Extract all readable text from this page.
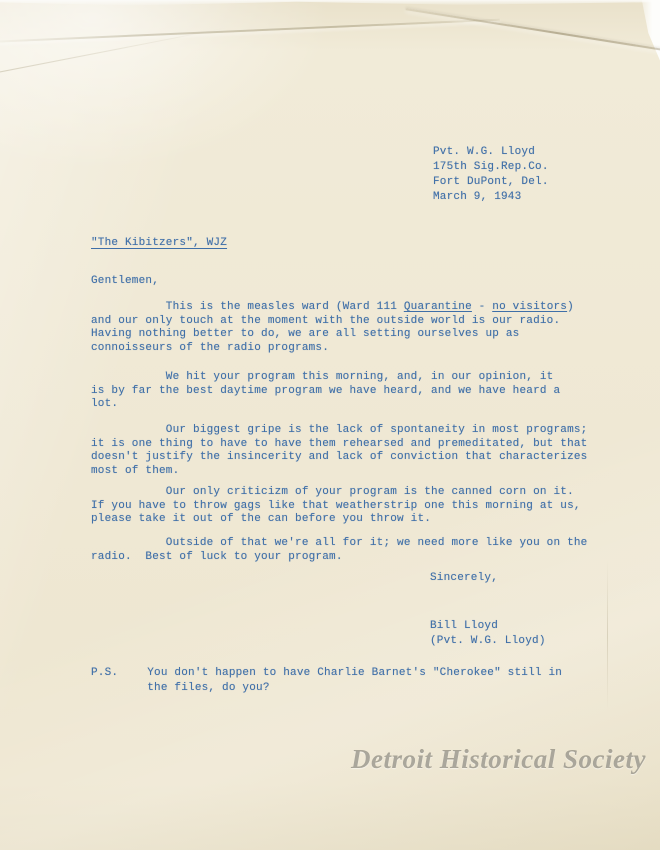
Pvt. W.G. Lloyd
175th Sig.Rep.Co.
Fort DuPont, Del.
March 9, 1943
"The Kibitzers", WJZ
Gentlemen,
This is the measles ward (Ward 111 Quarantine - no visitors)
and our only touch at the moment with the outside world is our radio.
Having nothing better to do, we are all setting ourselves up as
connoisseurs of the radio programs.
We hit your program this morning, and, in our opinion, it
is by far the best daytime program we have heard, and we have heard a
lot.
Our biggest gripe is the lack of spontaneity in most programs;
it is one thing to have to have them rehearsed and premeditated, but that
doesn't justify the insincerity and lack of conviction that characterizes
most of them.
Our only criticizm of your program is the canned corn on it.
If you have to throw gags like that weatherstrip one this morning at us,
please take it out of the can before you throw it.
Outside of that we're all for it; we need more like you on the
radio.  Best of luck to your program.
Sincerely,
Bill Lloyd
(Pvt. W.G. Lloyd)
P.S.	You don't happen to have Charlie Barnet's "Cherokee" still in
the files, do you?
Detroit Historical Society
